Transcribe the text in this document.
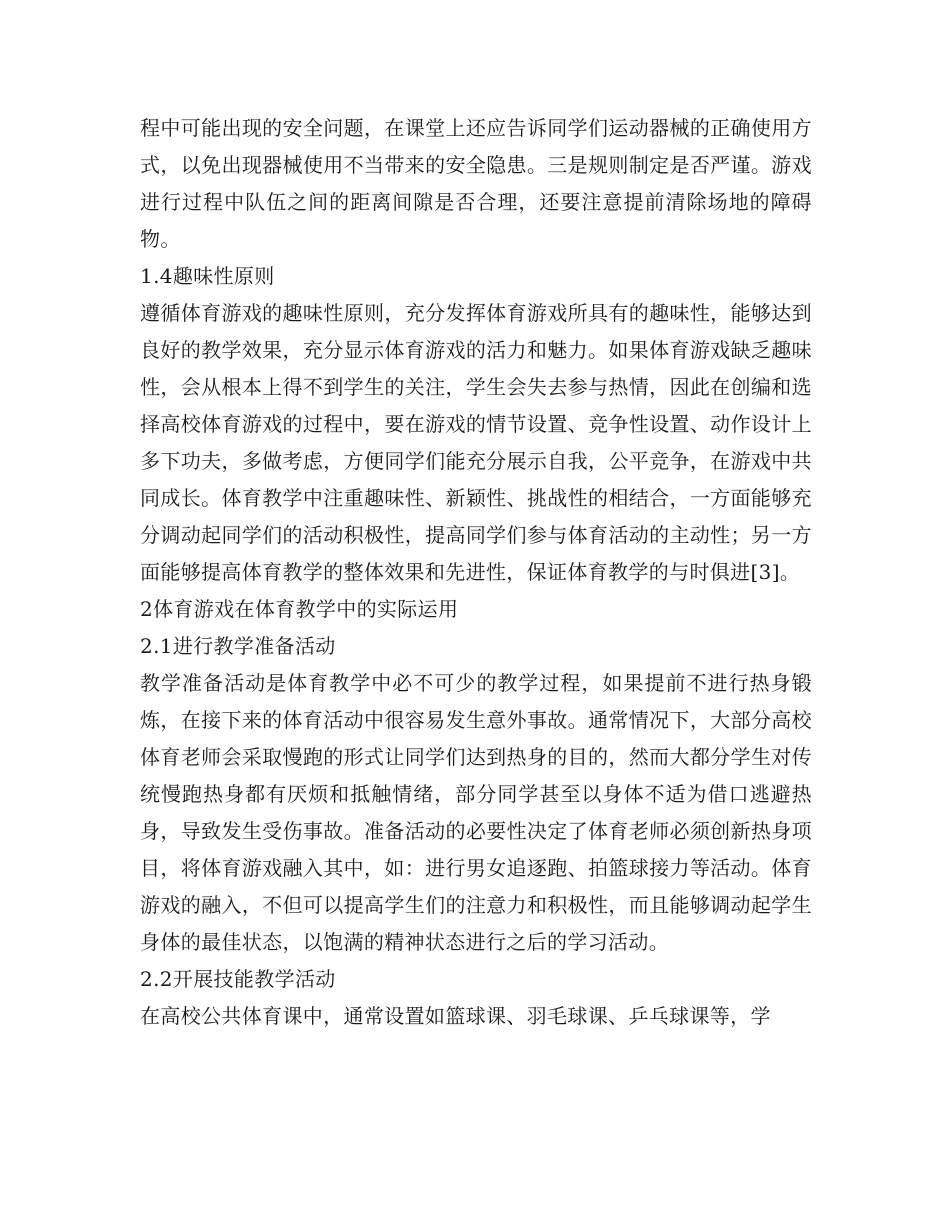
程中可能出现的安全问题，在课堂上还应告诉同学们运动器械的正确使用方式，以免出现器械使用不当带来的安全隐患。三是规则制定是否严谨。游戏进行过程中队伍之间的距离间隙是否合理，还要注意提前清除场地的障碍物。

1.4趣味性原则

遵循体育游戏的趣味性原则，充分发挥体育游戏所具有的趣味性，能够达到良好的教学效果，充分显示体育游戏的活力和魅力。如果体育游戏缺乏趣味性，会从根本上得不到学生的关注，学生会失去参与热情，因此在创编和选择高校体育游戏的过程中，要在游戏的情节设置、竞争性设置、动作设计上多下功夫，多做考虑，方便同学们能充分展示自我，公平竞争，在游戏中共同成长。体育教学中注重趣味性、新颖性、挑战性的相结合，一方面能够充分调动起同学们的活动积极性，提高同学们参与体育活动的主动性；另一方面能够提高体育教学的整体效果和先进性，保证体育教学的与时俱进[3]。

2体育游戏在体育教学中的实际运用
2.1进行教学准备活动

教学准备活动是体育教学中必不可少的教学过程，如果提前不进行热身锻炼，在接下来的体育活动中很容易发生意外事故。通常情况下，大部分高校体育老师会采取慢跑的形式让同学们达到热身的目的，然而大都分学生对传统慢跑热身都有厌烦和抵触情绪，部分同学甚至以身体不适为借口逃避热身，导致发生受伤事故。准备活动的必要性决定了体育老师必须创新热身项目，将体育游戏融入其中，如：进行男女追逐跑、拍篮球接力等活动。体育游戏的融入，不但可以提高学生们的注意力和积极性，而且能够调动起学生身体的最佳状态，以饱满的精神状态进行之后的学习活动。

2.2开展技能教学活动

在高校公共体育课中，通常设置如篮球课、羽毛球课、乒乓球课等，学
